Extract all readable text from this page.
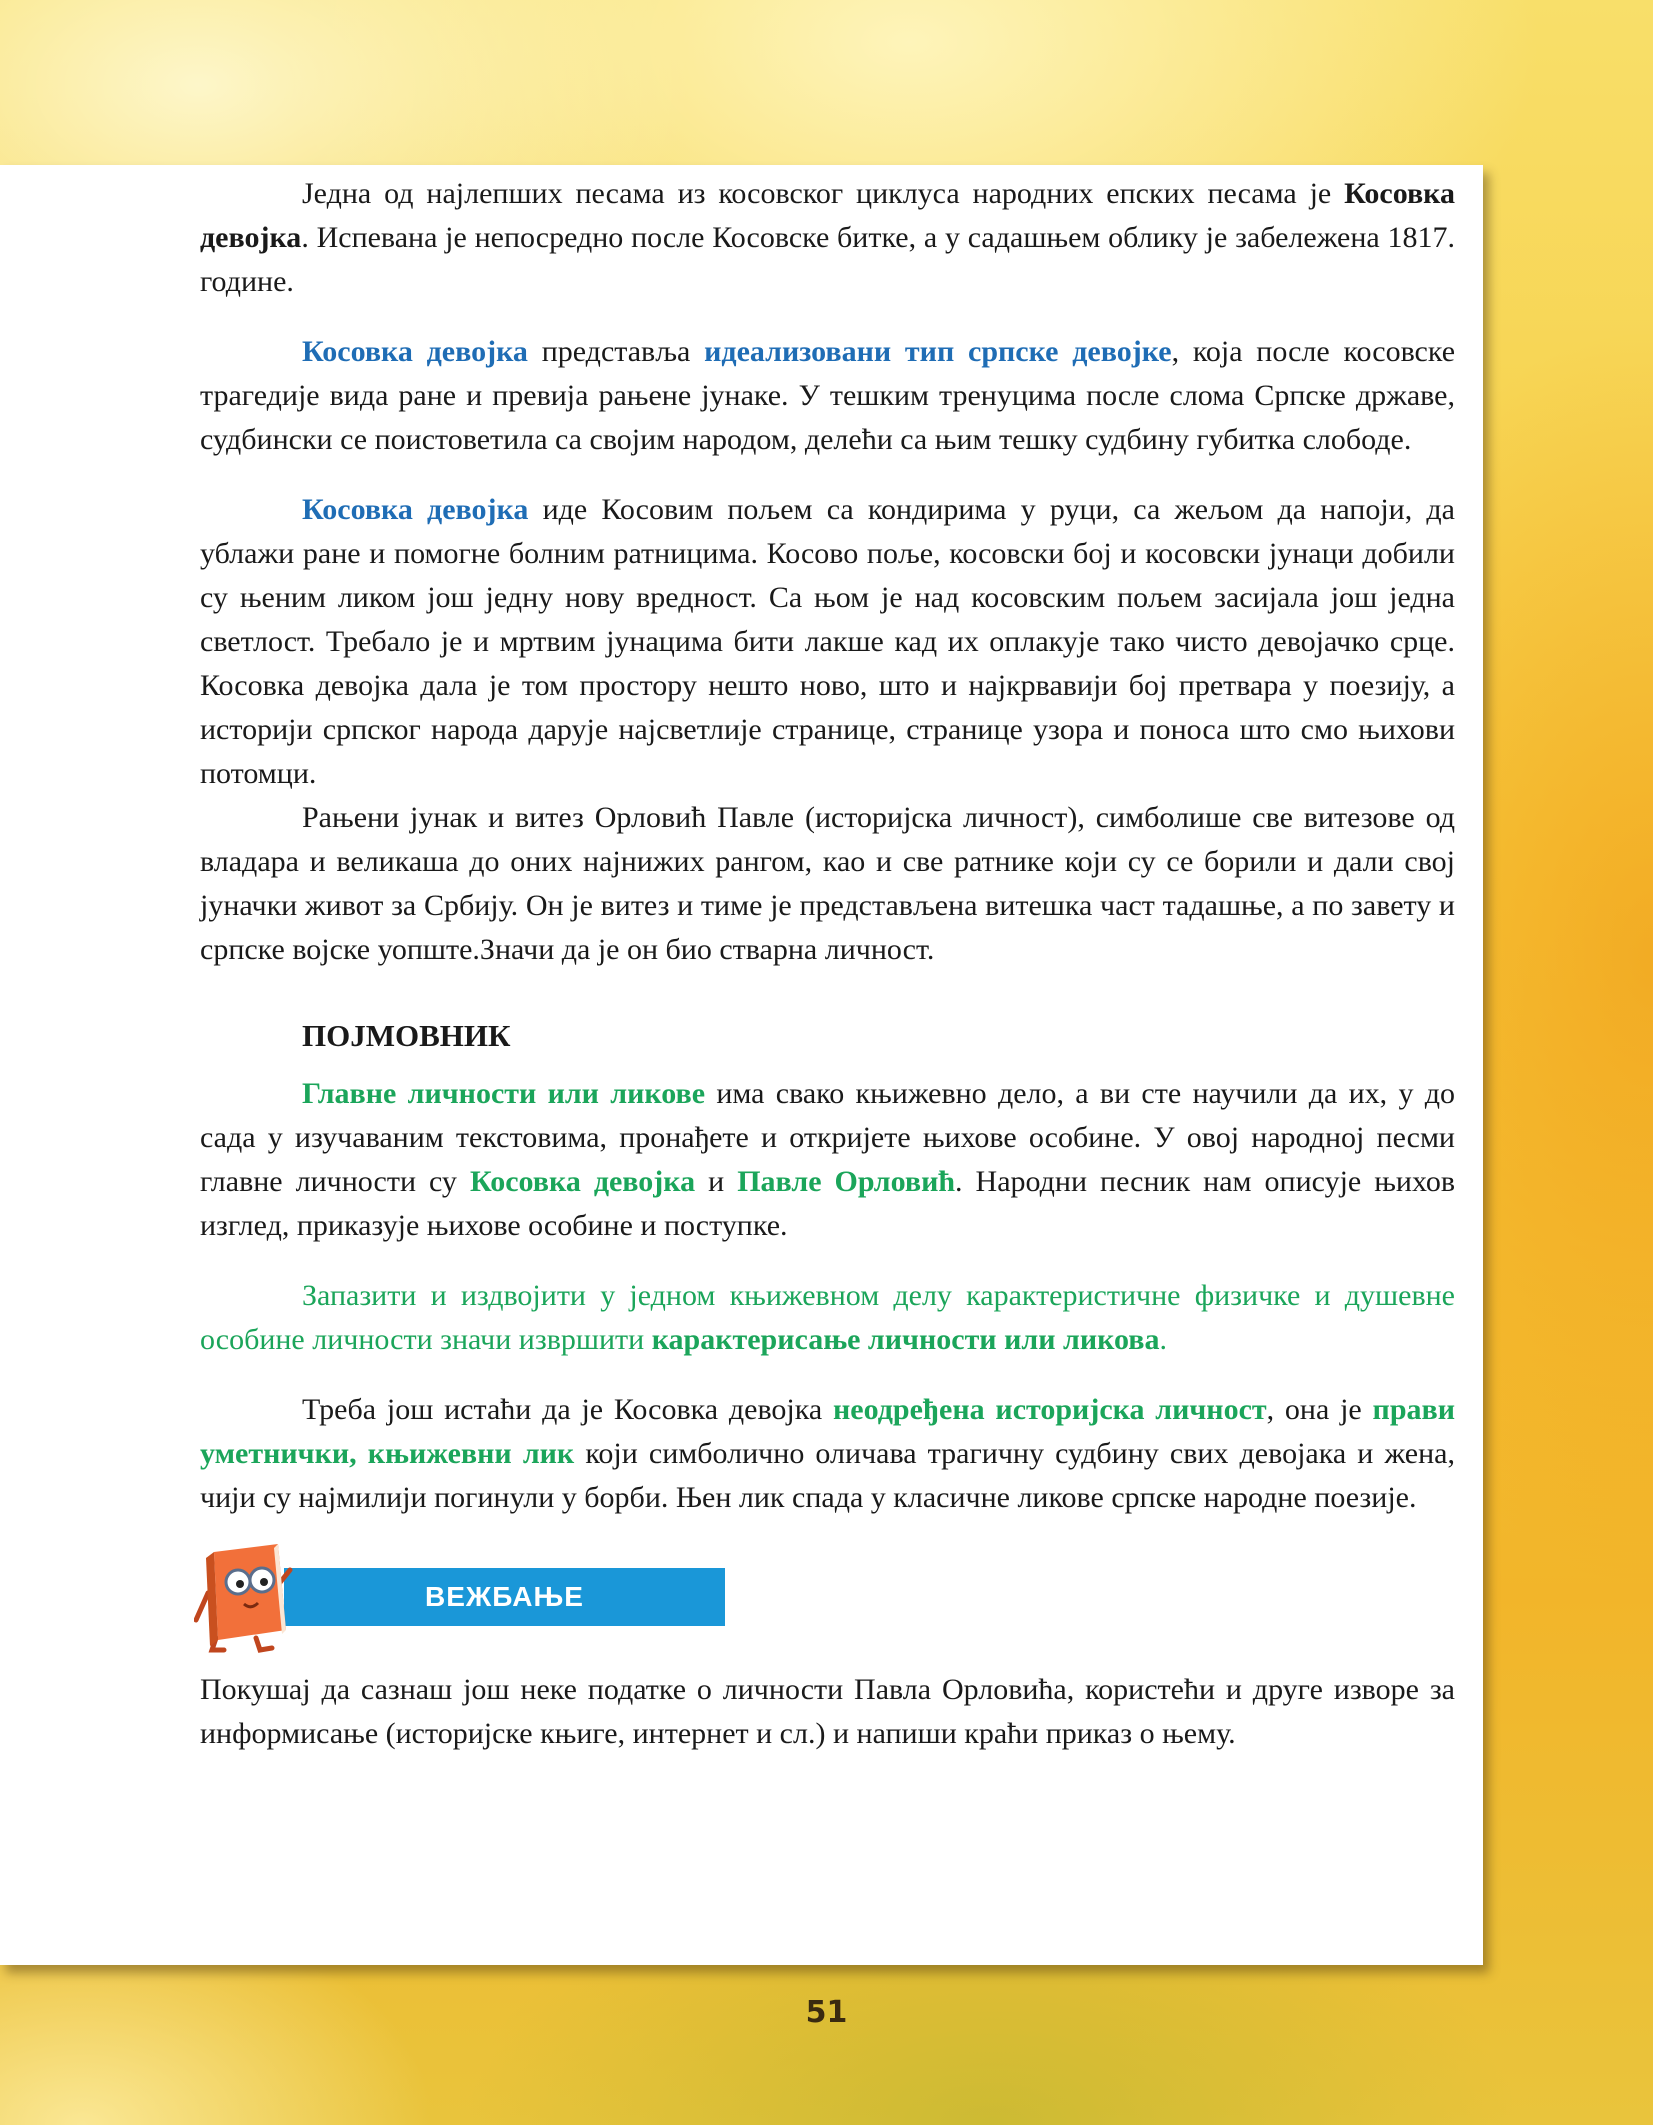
Једна од најлепших песама из косовског циклуса народних епских песама је Косовка девојка. Испевана је непосредно после Косовске битке, а у садашњем облику је забележена 1817. године.

Косовка девојка представља идеализовани тип српске девојке, која после косовске трагедије вида ране и превија рањене јунаке. У тешким тренуцима после слома Српске државе, судбински се поистоветила са својим народом, делећи са њим тешку судбину губитка слободе.

Косовка девојка иде Косовим пољем са кондирима у руци, са жељом да напоји, да ублажи ране и помогне болним ратницима. Косово поље, косовски бој и косовски јунаци добили су њеним ликом још једну нову вредност. Са њом је над косовским пољем засијала још једна светлост. Требало је и мртвим јунацима бити лакше кад их оплакује тако чисто девојачко срце. Косовка девојка дала је том простору нешто ново, што и најкрвавији бој претвара у поезију, а историји српског народа дарује најсветлије странице, странице узора и поноса што смо њихови потомци.

Рањени јунак и витез Орловић Павле (историјска личност), симболише све витезове од владара и великаша до оних најнижих рангом, као и све ратнике који су се борили и дали свој јуначки живот за Србију. Он је витез и тиме је представљена витешка част тадашње, а по завету и српске војске уопште.Значи да је он био стварна личност.

ПОЈМОВНИК

Главне личности или ликове има свако књижевно дело, а ви сте научили да их, у до сада у изучаваним текстовима, пронађете и откријете њихове особине. У овој народној песми главне личности су Косовка девојка и Павле Орловић. Народни песник нам описује њихов изглед, приказује њихове особине и поступке.

Запазити и издвојити у једном књижевном делу карактеристичне физичке и душевне особине личности значи извршити карактерисање личности или ликова.

Треба још истаћи да је Косовка девојка неодређена историјска личност, она је прави уметнички, књижевни лик који симболично оличава трагичну судбину свих девојака и жена, чији су најмилији погинули у борби. Њен лик спада у класичне ликове српске народне поезије.

ВЕЖБАЊЕ

Покушај да сазнаш још неке податке о личности Павла Орловића, користећи и друге изворе за информисање (историјске књиге, интернет и сл.) и напиши краћи приказ о њему.

51
